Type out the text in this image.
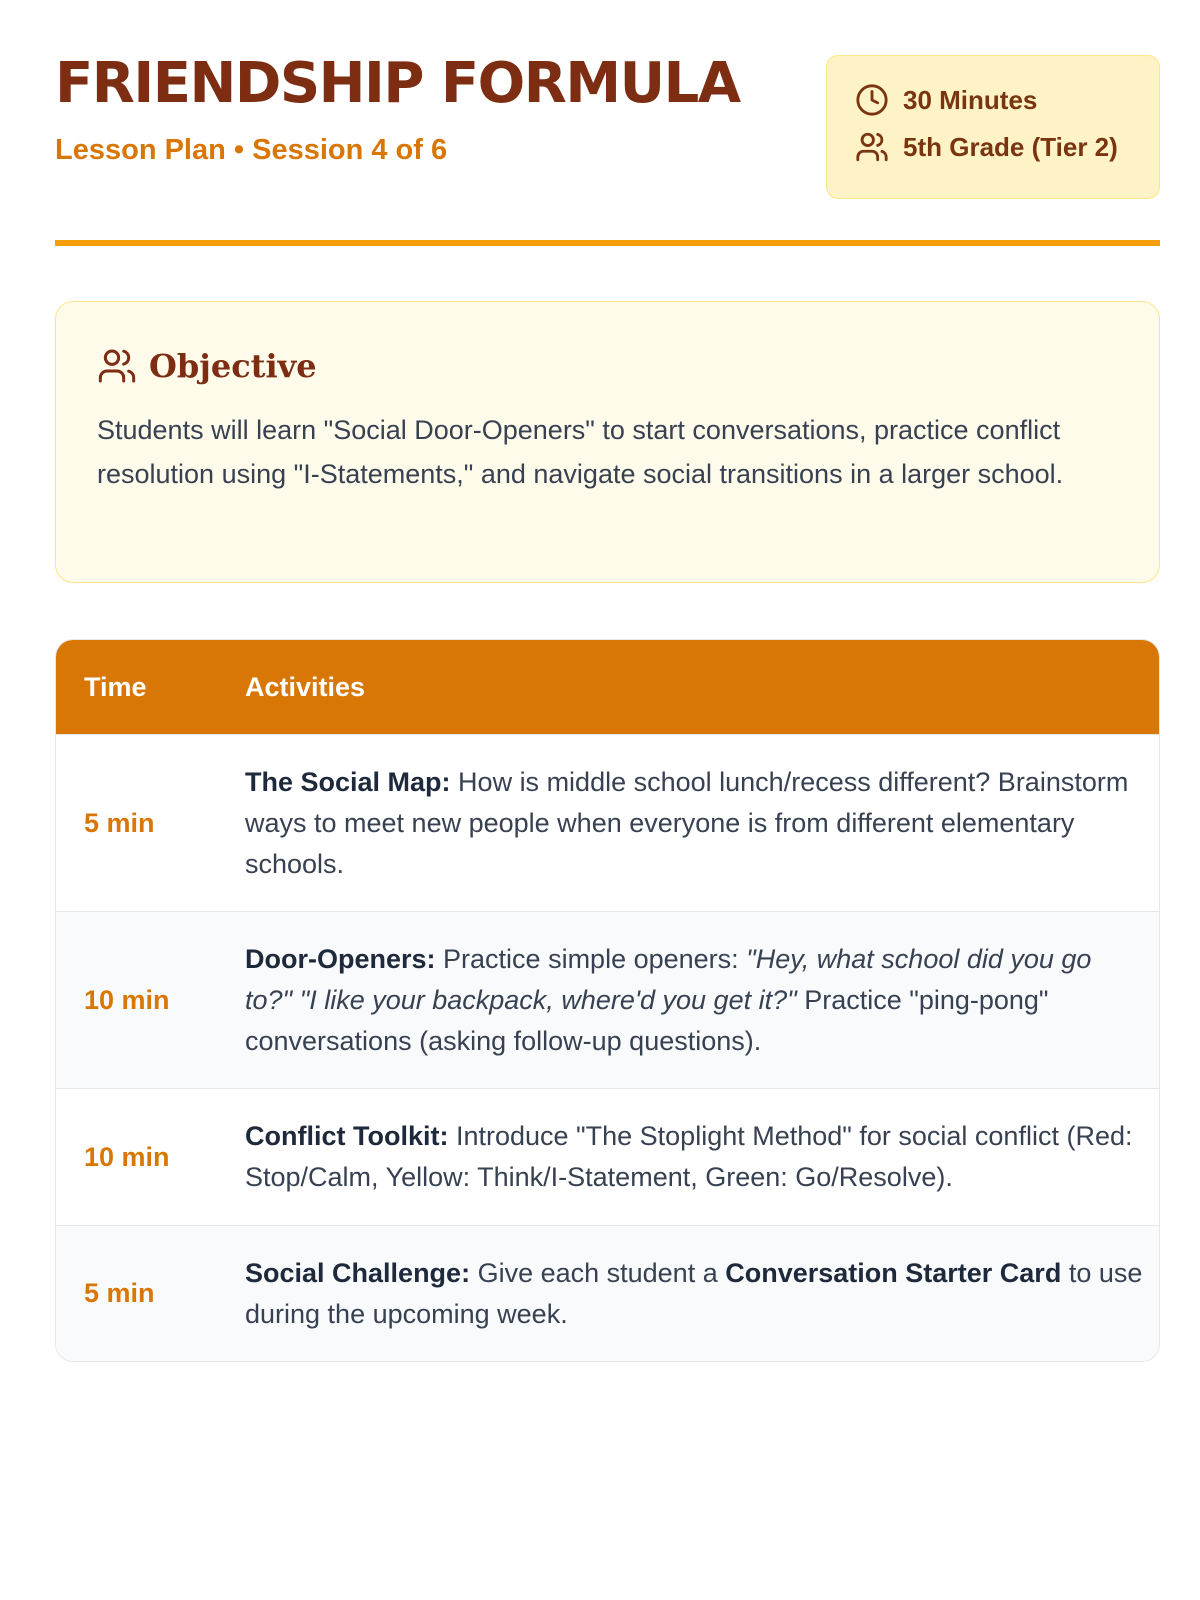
FRIENDSHIP FORMULA
Lesson Plan • Session 4 of 6
30 Minutes
5th Grade (Tier 2)
Objective

Students will learn "Social Door-Openers" to start conversations, practice conflict resolution using "I-Statements," and navigate social transitions in a larger school.

Time	Activities
5 min
The Social Map: How is middle school lunch/recess different? Brainstorm ways to meet new people when everyone is from different elementary schools.
10 min
Door-Openers: Practice simple openers: "Hey, what school did you go to?" "I like your backpack, where'd you get it?" Practice "ping-pong" conversations (asking follow-up questions).
10 min
Conflict Toolkit: Introduce "The Stoplight Method" for social conflict (Red: Stop/Calm, Yellow: Think/I-Statement, Green: Go/Resolve).
5 min
Social Challenge: Give each student a Conversation Starter Card to use during the upcoming week.
